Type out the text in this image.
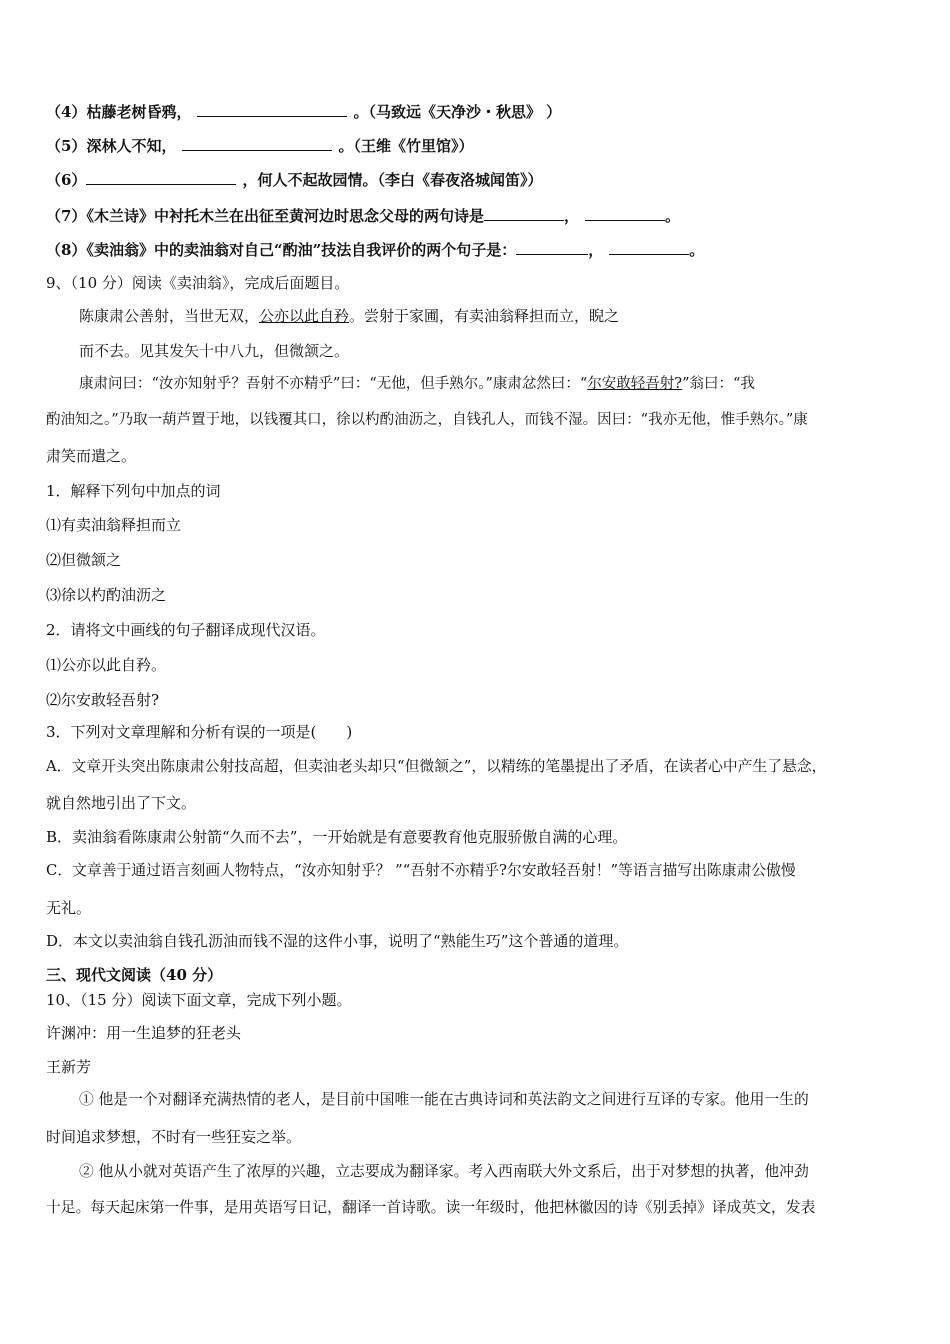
（4）枯藤老树昏鸦，	。（马致远《天净沙・秋思》 ）
（5）深林人不知，	。（王维《竹里馆》）
（6）	，何人不起故园情。（李白《春夜洛城闻笛》）
（7）《木兰诗》中衬托木兰在出征至黄河边时思念父母的两句诗是	，	。
（8）《卖油翁》中的卖油翁对自己“酌油”技法自我评价的两个句子是：	，	。
9、（10 分）阅读《卖油翁》，完成后面题目。
陈康肃公善射，当世无双，公亦以此自矜。尝射于家圃，有卖油翁释担而立，睨之
而不去。见其发矢十中八九，但微颔之。
康肃问曰：“汝亦知射乎？吾射不亦精乎”曰：“无他，但手熟尔。”康肃忿然曰：“尔安敢轻吾射?”翁曰：“我
酌油知之。”乃取一葫芦置于地，以钱覆其口，徐以杓酌油沥之，自钱孔人，而钱不湿。因曰：“我亦无他，惟手熟尔。”康
肃笑而遣之。
1．解释下列句中加点的词
⑴有卖油翁释担而立
⑵但微颔之
⑶徐以杓酌油沥之
2．请将文中画线的句子翻译成现代汉语。
⑴公亦以此自矜。
⑵尔安敢轻吾射?
3．下列对文章理解和分析有误的一项是(　　)
A．文章开头突出陈康肃公射技高超，但卖油老头却只“但微颔之”，以精练的笔墨提出了矛盾，在读者心中产生了悬念，
就自然地引出了下文。
B．卖油翁看陈康肃公射箭“久而不去”，一开始就是有意要教育他克服骄傲自满的心理。
C．文章善于通过语言刻画人物特点，“汝亦知射乎？ ”“吾射不亦精乎?尔安敢轻吾射！”等语言描写出陈康肃公傲慢
无礼。
D．本文以卖油翁自钱孔沥油而钱不湿的这件小事，说明了“熟能生巧”这个普通的道理。
三、现代文阅读（40 分）
10、（15 分）阅读下面文章，完成下列小题。
许渊冲：用一生追梦的狂老头
王新芳
① 他是一个对翻译充满热情的老人，是目前中国唯一能在古典诗词和英法韵文之间进行互译的专家。他用一生的
时间追求梦想，不时有一些狂妄之举。
② 他从小就对英语产生了浓厚的兴趣，立志要成为翻译家。考入西南联大外文系后，出于对梦想的执著，他冲劲
十足。每天起床第一件事，是用英语写日记，翻译一首诗歌。读一年级时，他把林徽因的诗《别丢掉》译成英文，发表
